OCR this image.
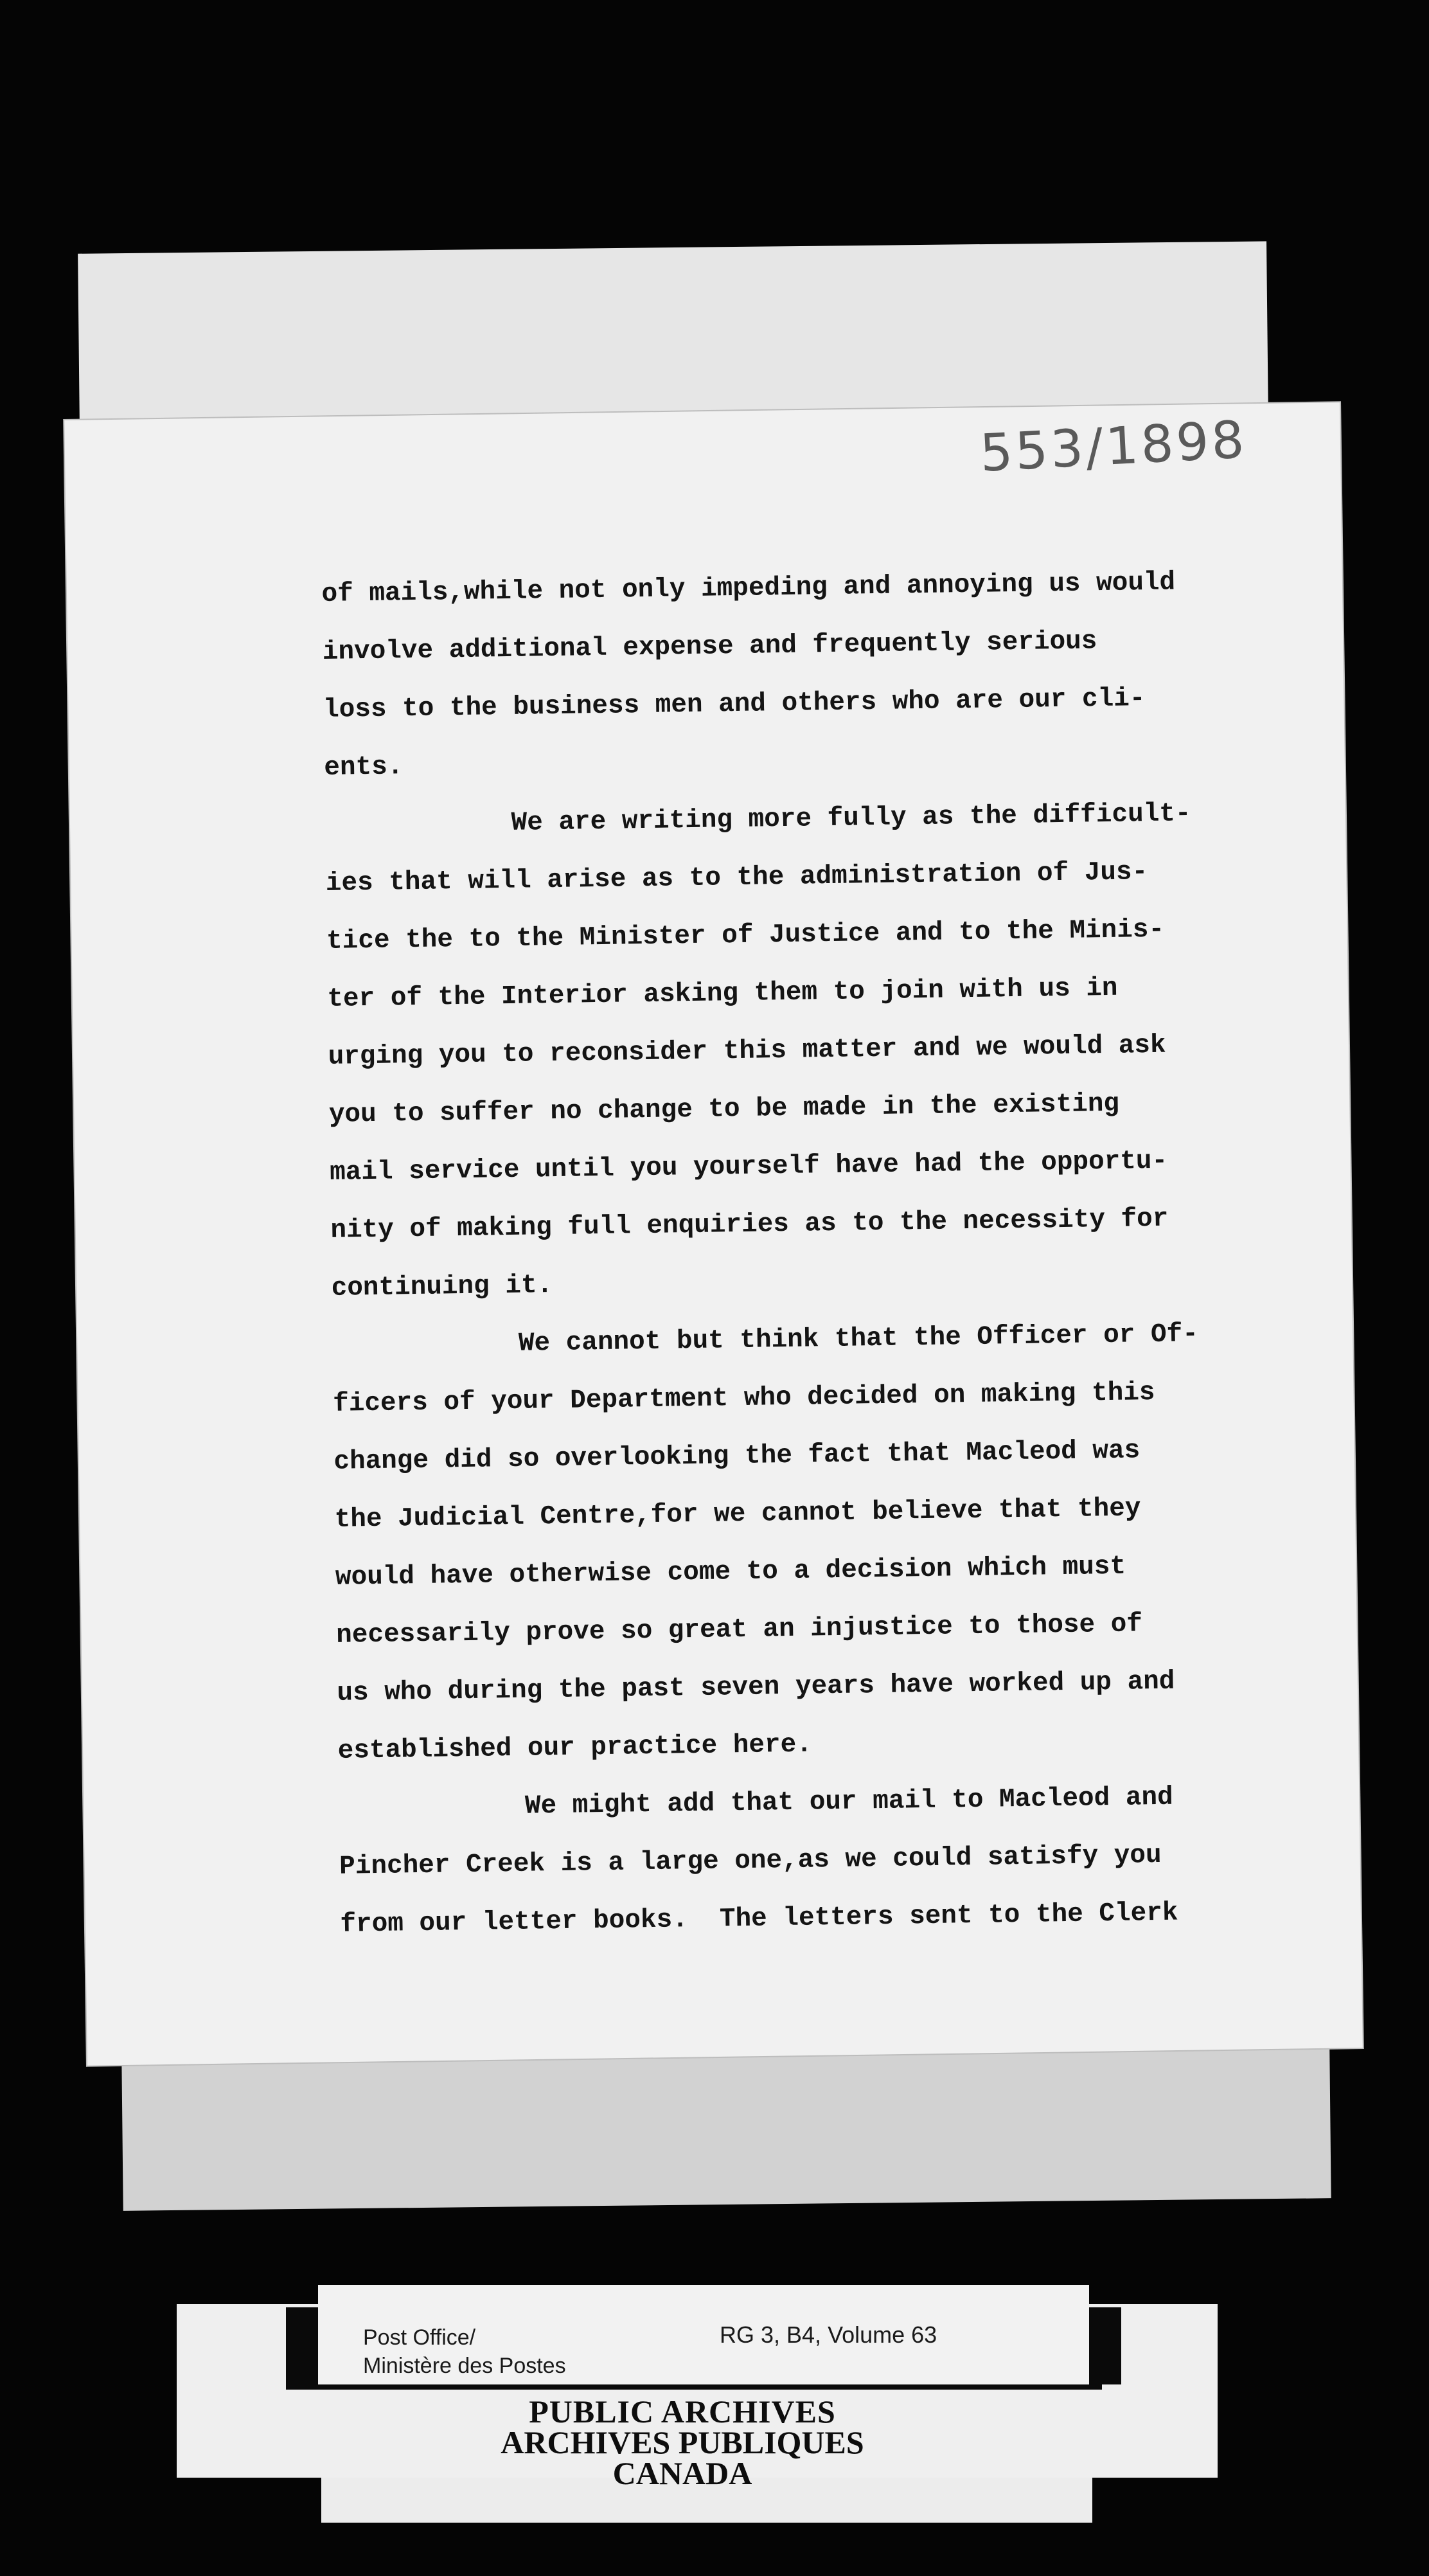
553/1898
of mails,while not only impeding and annoying us would
involve additional expense and frequently serious
loss to the business men and others who are our cli-
ents.
We are writing more fully as the difficult-
ies that will arise as to the administration of Jus-
tice the to the Minister of Justice and to the Minis-
ter of the Interior asking them to join with us in
urging you to reconsider this matter and we would ask
you to suffer no change to be made in the existing
mail service until you yourself have had the opportu-
nity of making full enquiries as to the necessity for
continuing it.
We cannot but think that the Officer or Of-
ficers of your Department who decided on making this
change did so overlooking the fact that Macleod was
the Judicial Centre,for we cannot believe that they
would have otherwise come to a decision which must
necessarily prove so great an injustice to those of
us who during the past seven years have worked up and
established our practice here.
We might add that our mail to Macleod and
Pincher Creek is a large one,as we could satisfy you
from our letter books.  The letters sent to the Clerk
Post Office/
Ministère des Postes
RG 3, B4, Volume 63
PUBLIC ARCHIVES
ARCHIVES PUBLIQUES
CANADA
